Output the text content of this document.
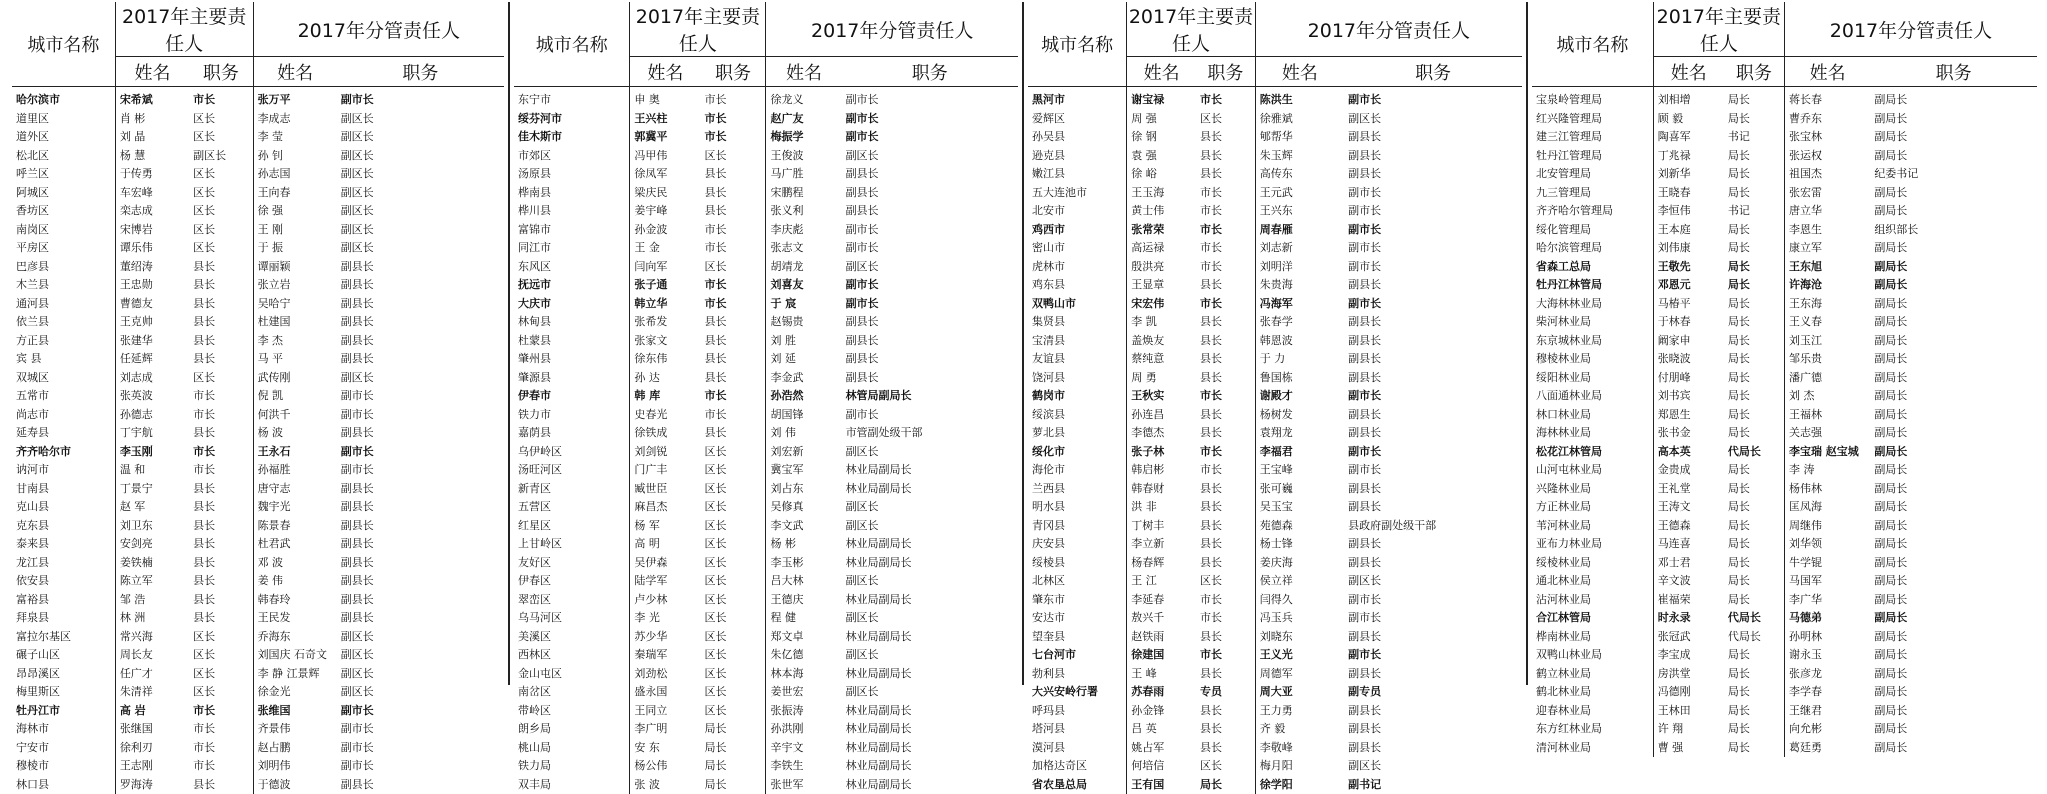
城市名称	2017年主要责任人		2017年分管责任人	
	姓名	职务	姓名	职务
哈尔滨市	宋希斌	市长	张万平	副市长
道里区	肖 彬	区长	李成志	副区长
道外区	刘 晶	区长	李 莹	副区长
松北区	杨 慧	副区长	孙 钊	副区长
呼兰区	于传勇	区长	孙志国	副区长
阿城区	车宏峰	区长	王向春	副区长
香坊区	栾志成	区长	徐 强	副区长
南岗区	宋博岩	区长	王 刚	副区长
平房区	谭乐伟	区长	于 振	副区长
巴彦县	董绍涛	县长	谭丽颖	副县长
木兰县	王忠勋	县长	张立岩	副县长
通河县	曹德友	县长	吴哈宁	副县长
依兰县	王克帅	县长	杜建国	副县长
方正县	张建华	县长	李 杰	副县长
宾 县	任延辉	县长	马 平	副县长
双城区	刘志成	区长	武传刚	副区长
五常市	张英波	市长	倪 凯	副市长
尚志市	孙德志	市长	何洪千	副市长
延寿县	丁宇航	县长	杨 波	副县长
齐齐哈尔市	李玉刚	市长	王永石	副市长
讷河市	温 和	市长	孙福胜	副市长
甘南县	丁景宁	县长	唐守志	副县长
克山县	赵 军	县长	魏宇光	副县长
克东县	刘卫东	县长	陈景春	副县长
泰来县	安剑亮	县长	杜君武	副县长
龙江县	姜铁楠	县长	邓 波	副县长
依安县	陈立军	县长	姜 伟	副县长
富裕县	邹 浩	县长	韩春玲	副县长
拜泉县	林 洲	县长	王民发	副县长
富拉尔基区	常兴海	区长	乔海东	副区长
碾子山区	周长友	区长	刘国庆 石奇文	副区长
昂昂溪区	任广才	区长	李 静 江景辉	副区长
梅里斯区	朱清祥	区长	徐金光	副区长
牡丹江市	高 岩	市长	张维国	副市长
海林市	张继国	市长	齐景伟	副市长
宁安市	徐利刃	市长	赵占鹏	副市长
穆棱市	王志刚	市长	刘明伟	副市长
林口县	罗海涛	县长	于德波	副县长
城市名称	2017年主要责任人		2017年分管责任人	
	姓名	职务	姓名	职务
东宁市	申 奥	市长	徐龙义	副市长
绥芬河市	王兴柱	市长	赵广友	副市长
佳木斯市	郭冀平	市长	梅振学	副市长
市郊区	冯甲伟	区长	王俊波	副区长
汤原县	徐凤军	县长	马广胜	副县长
桦南县	梁庆民	县长	宋鹏程	副县长
桦川县	姜宇峰	县长	张义利	副县长
富锦市	孙金波	市长	李庆彪	副市长
同江市	王 金	市长	张志文	副市长
东风区	闫向军	区长	胡靖龙	副区长
抚远市	张子通	市长	刘喜友	副市长
大庆市	韩立华	市长	于 宸	副市长
林甸县	张希发	县长	赵锡贵	副县长
杜蒙县	张家文	县长	刘 胜	副县长
肇州县	徐东伟	县长	刘 延	副县长
肇源县	孙 达	县长	李金武	副县长
伊春市	韩 库	市长	孙浩然	林管局副局长
铁力市	史春光	市长	胡国锋	副市长
嘉荫县	徐铁成	县长	刘 伟	市管副处级干部
乌伊岭区	刘剑锐	区长	刘宏新	副区长
汤旺河区	门广丰	区长	冀宝军	林业局副局长
新青区	臧世臣	区长	刘占东	林业局副局长
五营区	麻昌杰	区长	吴修真	副区长
红星区	杨 军	区长	李文武	副区长
上甘岭区	高 明	区长	杨 彬	林业局副局长
友好区	吴伊森	区长	李玉彬	林业局副局长
伊春区	陆学军	区长	吕大林	副区长
翠峦区	卢少林	区长	王德庆	林业局副局长
乌马河区	李 光	区长	程 健	副区长
美溪区	苏少华	区长	郑文卓	林业局副局长
西林区	秦瑞军	区长	朱亿德	副区长
金山屯区	刘劲松	区长	林本海	林业局副局长
南岔区	盛永国	区长	姜世宏	副区长
带岭区	王同立	区长	张振涛	林业局副局长
朗乡局	李广明	局长	孙洪刚	林业局副局长
桃山局	安 东	局长	辛宇文	林业局副局长
铁力局	杨公伟	局长	李铁生	林业局副局长
双丰局	张 波	局长	张世军	林业局副局长
城市名称	2017年主要责任人		2017年分管责任人	
	姓名	职务	姓名	职务
黑河市	谢宝禄	市长	陈洪生	副市长
爱辉区	周 强	区长	徐雅斌	副区长
孙吴县	徐 钢	县长	郇帮华	副县长
逊克县	袁 强	县长	朱玉辉	副县长
嫩江县	徐 峪	县长	高传东	副县长
五大连池市	王玉海	市长	王元武	副市长
北安市	黄士伟	市长	王兴东	副市长
鸡西市	张常荣	市长	周春雁	副市长
密山市	高运禄	市长	刘志新	副市长
虎林市	殷洪亮	市长	刘明洋	副市长
鸡东县	王显章	县长	朱贵海	副县长
双鸭山市	宋宏伟	市长	冯海军	副市长
集贤县	李 凯	县长	张春学	副县长
宝清县	盖焕友	县长	韩恩波	副县长
友谊县	蔡纯意	县长	于 力	副县长
饶河县	周 勇	县长	鲁国栋	副县长
鹤岗市	王秋实	市长	谢殿才	副市长
绥滨县	孙连昌	县长	杨树发	副县长
萝北县	李德杰	县长	袁翔龙	副县长
绥化市	张子林	市长	李福君	副市长
海伦市	韩启彬	市长	王宝峰	副市长
兰西县	韩春财	县长	张可巍	副县长
明水县	洪 非	县长	吴玉宝	副县长
青冈县	丁树丰	县长	苑德森	县政府副处级干部
庆安县	李立新	县长	杨士锋	副县长
绥棱县	杨春辉	县长	姜庆海	副县长
北林区	王 江	区长	侯立祥	副区长
肇东市	李延春	市长	闫得久	副市长
安达市	敖兴千	市长	冯玉兵	副市长
望奎县	赵铁雨	县长	刘晓东	副县长
七台河市	徐建国	市长	王义光	副市长
勃利县	王 峰	县长	周德军	副县长
大兴安岭行署	苏春雨	专员	周大亚	副专员
呼玛县	孙金锋	县长	王力勇	副县长
塔河县	吕 英	县长	齐 毅	副县长
漠河县	姚占军	县长	李敬峰	副县长
加格达奇区	何培信	区长	梅月阳	副区长
省农垦总局	王有国	局长	徐学阳	副书记
城市名称	2017年主要责任人		2017年分管责任人	
	姓名	职务	姓名	职务
宝泉岭管理局	刘相增	局长	蒋长春	副局长
红兴隆管理局	顾 毅	局长	曹乔东	副局长
建三江管理局	陶喜军	书记	张宝林	副局长
牡丹江管理局	丁兆禄	局长	张运权	副局长
北安管理局	刘新华	局长	祖国杰	纪委书记
九三管理局	王晓春	局长	张宏雷	副局长
齐齐哈尔管理局	李恒伟	书记	唐立华	副局长
绥化管理局	王本庭	局长	李恩生	组织部长
哈尔滨管理局	刘伟康	局长	康立军	副局长
省森工总局	王敬先	局长	王东旭	副局长
牡丹江林管局	邓恩元	局长	许海沧	副局长
大海林林业局	马椿平	局长	王东海	副局长
柴河林业局	于林春	局长	王义春	副局长
东京城林业局	阚家申	局长	刘玉江	副局长
穆棱林业局	张晓波	局长	邹乐贵	副局长
绥阳林业局	付朋峰	局长	潘广德	副局长
八面通林业局	刘书宾	局长	刘 杰	副局长
林口林业局	郑恩生	局长	王福林	副局长
海林林业局	张书金	局长	关志强	副局长
松花江林管局	高本英	代局长	李宝瑞 赵宝城	副局长
山河屯林业局	金贵成	局长	李 涛	副局长
兴隆林业局	王礼堂	局长	杨伟林	副局长
方正林业局	王涛文	局长	匡凤海	副局长
苇河林业局	王德森	局长	周继伟	副局长
亚布力林业局	马连喜	局长	刘华领	副局长
绥棱林业局	邓士君	局长	牛学锟	副局长
通北林业局	辛文波	局长	马国军	副局长
沾河林业局	崔福荣	局长	李广华	副局长
合江林管局	时永录	代局长	马德弟	副局长
桦南林业局	张冠武	代局长	孙明林	副局长
双鸭山林业局	李宝成	局长	谢永玉	副局长
鹤立林业局	房洪堂	局长	张彦龙	副局长
鹤北林业局	冯德刚	局长	李学春	副局长
迎春林业局	王林田	局长	王继君	副局长
东方红林业局	许 翔	局长	向允彬	副局长
清河林业局	曹 强	局长	葛廷勇	副局长
